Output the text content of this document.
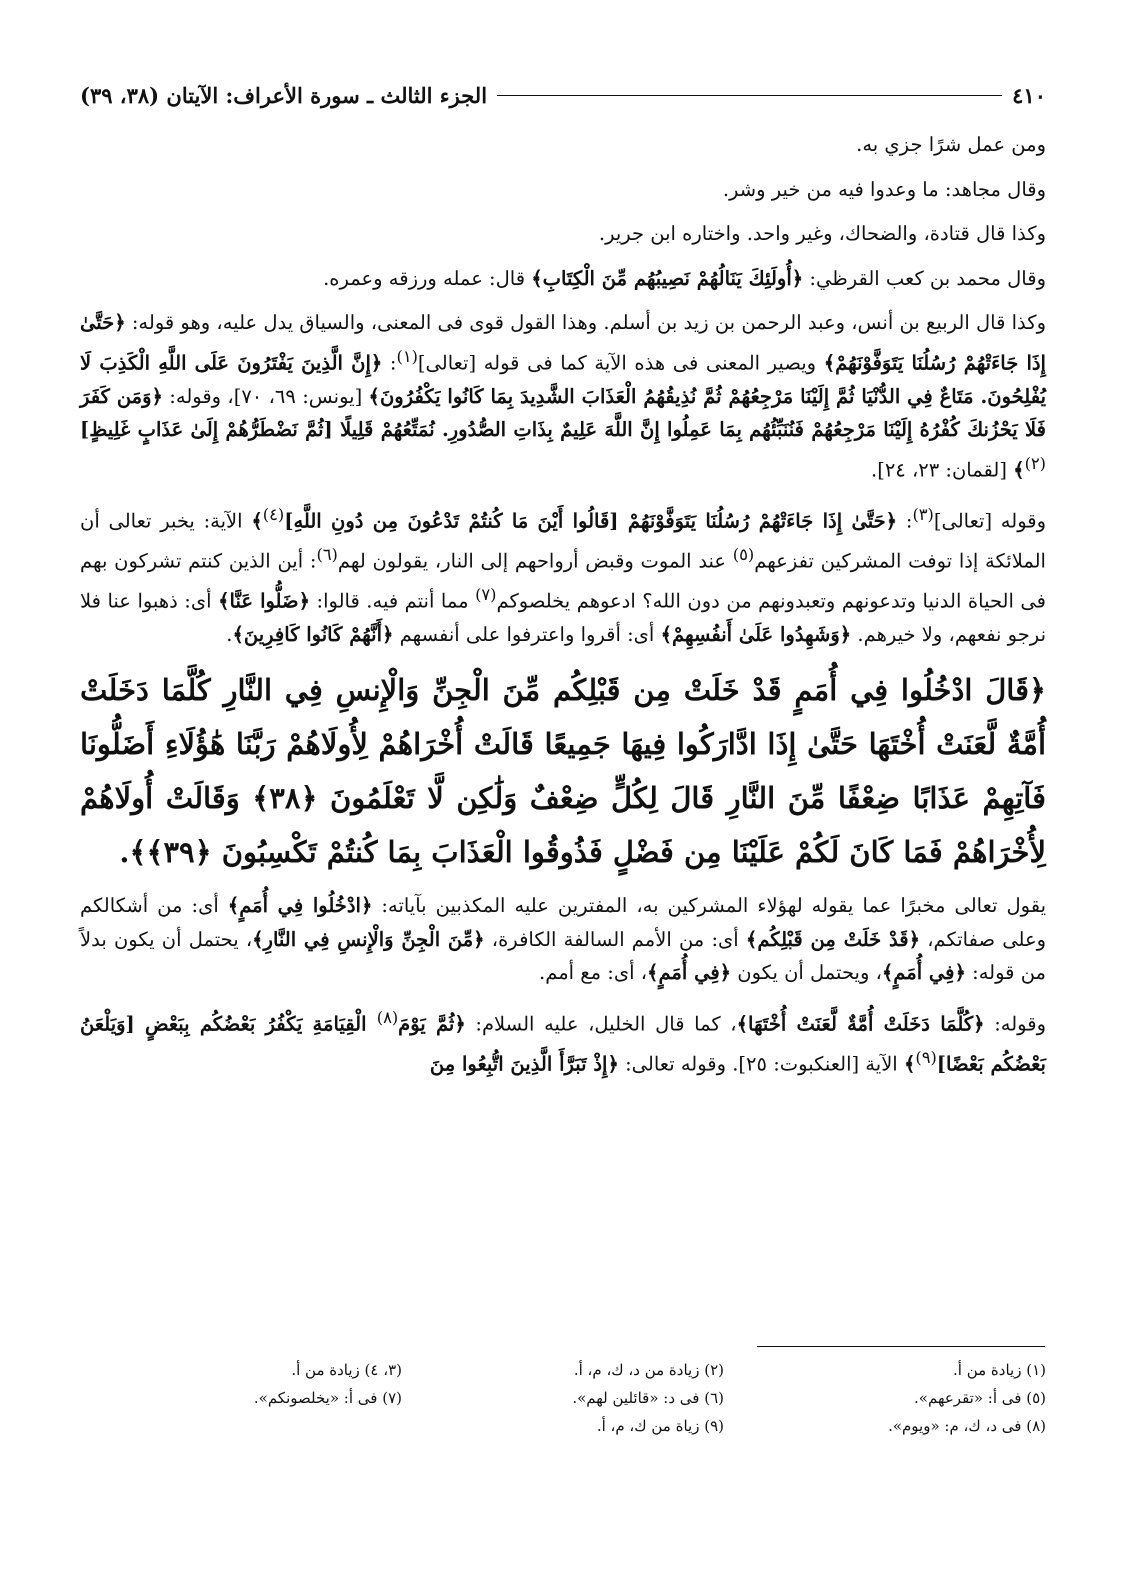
٤١٠
الجزء الثالث ـ سورة الأعراف: الآيتان (٣٨، ٣٩)

ومن عمل شرًا جزي به.

وقال مجاهد: ما وعدوا فيه من خير وشر.

وكذا قال قتادة، والضحاك، وغير واحد. واختاره ابن جرير.

وقال محمد بن كعب القرظي: ﴿أُولَئِكَ يَنَالُهُمْ نَصِيبُهُم مِّنَ الْكِتَابِ﴾ قال: عمله ورزقه وعمره.

وكذا قال الربيع بن أنس، وعبد الرحمن بن زيد بن أسلم. وهذا القول قوى فى المعنى، والسياق يدل عليه، وهو قوله: ﴿حَتَّىٰ إِذَا جَاءَتْهُمْ رُسُلُنَا يَتَوَفَّوْنَهُمْ﴾ ويصير المعنى فى هذه الآية كما فى قوله [تعالى]$^{(١)}$: ﴿إِنَّ الَّذِينَ يَفْتَرُونَ عَلَى اللَّهِ الْكَذِبَ لَا يُفْلِحُونَ. مَتَاعٌ فِي الدُّنْيَا ثُمَّ إِلَيْنَا مَرْجِعُهُمْ ثُمَّ نُذِيقُهُمُ الْعَذَابَ الشَّدِيدَ بِمَا كَانُوا يَكْفُرُونَ﴾ [يونس: ٦٩، ٧٠]، وقوله: ﴿وَمَن كَفَرَ فَلَا يَحْزُنكَ كُفْرُهُ إِلَيْنَا مَرْجِعُهُمْ فَنُنَبِّئُهُم بِمَا عَمِلُوا إِنَّ اللَّهَ عَلِيمٌ بِذَاتِ الصُّدُورِ. نُمَتِّعُهُمْ قَلِيلًا [ثُمَّ نَضْطَرُّهُمْ إِلَىٰ عَذَابٍ غَلِيظٍ]$^{(٢)}$﴾ [لقمان: ٢٣، ٢٤].

وقوله [تعالى]$^{(٣)}$: ﴿حَتَّىٰ إِذَا جَاءَتْهُمْ رُسُلُنَا يَتَوَفَّوْنَهُمْ [قَالُوا أَيْنَ مَا كُنتُمْ تَدْعُونَ مِن دُونِ اللَّهِ]$^{(٤)}$﴾ الآية: يخبر تعالى أن الملائكة إذا توفت المشركين تفزعهم$^{(٥)}$ عند الموت وقبض أرواحهم إلى النار، يقولون لهم$^{(٦)}$: أين الذين كنتم تشركون بهم فى الحياة الدنيا وتدعونهم وتعبدونهم من دون الله؟ ادعوهم يخلصوكم$^{(٧)}$ مما أنتم فيه. قالوا: ﴿ضَلُّوا عَنَّا﴾ أى: ذهبوا عنا فلا نرجو نفعهم، ولا خيرهم. ﴿وَشَهِدُوا عَلَىٰ أَنفُسِهِمْ﴾ أى: أقروا واعترفوا على أنفسهم ﴿أَنَّهُمْ كَانُوا كَافِرِينَ﴾.

﴿قَالَ ادْخُلُوا فِي أُمَمٍ قَدْ خَلَتْ مِن قَبْلِكُم مِّنَ الْجِنِّ وَالْإِنسِ فِي النَّارِ كُلَّمَا دَخَلَتْ أُمَّةٌ لَّعَنَتْ أُخْتَهَا حَتَّىٰ إِذَا ادَّارَكُوا فِيهَا جَمِيعًا قَالَتْ أُخْرَاهُمْ لِأُولَاهُمْ رَبَّنَا هَٰؤُلَاءِ أَضَلُّونَا فَآتِهِمْ عَذَابًا ضِعْفًا مِّنَ النَّارِ قَالَ لِكُلٍّ ضِعْفٌ وَلَٰكِن لَّا تَعْلَمُونَ ﴿٣٨﴾ وَقَالَتْ أُولَاهُمْ لِأُخْرَاهُمْ فَمَا كَانَ لَكُمْ عَلَيْنَا مِن فَضْلٍ فَذُوقُوا الْعَذَابَ بِمَا كُنتُمْ تَكْسِبُونَ ﴿٣٩﴾﴾.

يقول تعالى مخبرًا عما يقوله لهؤلاء المشركين به، المفترين عليه المكذبين بآياته: ﴿ادْخُلُوا فِي أُمَمٍ﴾ أى: من أشكالكم وعلى صفاتكم، ﴿قَدْ خَلَتْ مِن قَبْلِكُم﴾ أى: من الأمم السالفة الكافرة، ﴿مِّنَ الْجِنِّ وَالْإِنسِ فِي النَّارِ﴾، يحتمل أن يكون بدلاً من قوله: ﴿فِي أُمَمٍ﴾، ويحتمل أن يكون ﴿فِي أُمَمٍ﴾، أى: مع أمم.

وقوله: ﴿كُلَّمَا دَخَلَتْ أُمَّةٌ لَّعَنَتْ أُخْتَهَا﴾، كما قال الخليل، عليه السلام: ﴿ثُمَّ يَوْمَ$^{(٨)}$ الْقِيَامَةِ يَكْفُرُ بَعْضُكُم بِبَعْضٍ [وَيَلْعَنُ بَعْضُكُم بَعْضًا]$^{(٩)}$﴾ الآية [العنكبوت: ٢٥]. وقوله تعالى: ﴿إِذْ تَبَرَّأَ الَّذِينَ اتُّبِعُوا مِنَ

(١) زيادة من أ.
(٢) زيادة من د، ك، م، أ.
(٣، ٤) زيادة من أ.
(٥) فى أ: «تقرعهم».
(٦) فى د: «قائلين لهم».
(٧) فى أ: «يخلصونكم».
(٨) فى د، ك، م: «ويوم».
(٩) زياة من ك، م، أ.
